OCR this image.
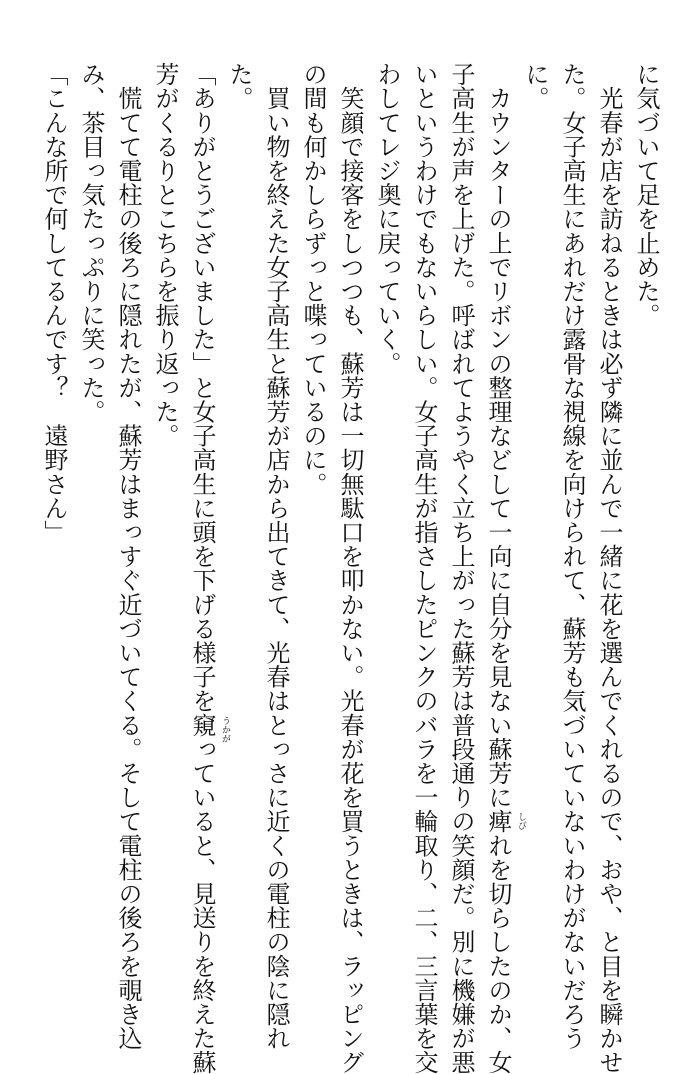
に気づいて足を止めた。
　光春が店を訪ねるときは必ず隣に並んで一緒に花を選んでくれるので、おや、と目を瞬かせ
た。女子高生にあれだけ露骨な視線を向けられて、蘇芳も気づいていないわけがないだろう
に。
　カウンターの上でリボンの整理などして一向に自分を見ない蘇芳に痺 しび
れを切らしたのか、女
子高生が声を上げた。呼ばれてようやく立ち上がった蘇芳は普段通りの笑顔だ。別に機嫌が悪
いというわけでもないらしい。女子高生が指さしたピンクのバラを一輪取り、二、三言葉を交
わしてレジ奥に戻っていく。
　笑顔で接客をしつつも、蘇芳は一切無駄口を叩かない。光春が花を買うときは、ラッピング
の間も何かしらずっと喋っているのに。
　買い物を終えた女子高生と蘇芳が店から出てきて、光春はとっさに近くの電柱の陰に隠れ
た。
「ありがとうございました」と女子高生に頭を下げる様子を窺 うかが
っていると、見送りを終えた蘇
芳がくるりとこちらを振り返った。
　慌てて電柱の後ろに隠れたが、蘇芳はまっすぐ近づいてくる。そして電柱の後ろを覗き込
み、茶目っ気たっぷりに笑った。
「こんな所で何してるんです？　遠野さん」
